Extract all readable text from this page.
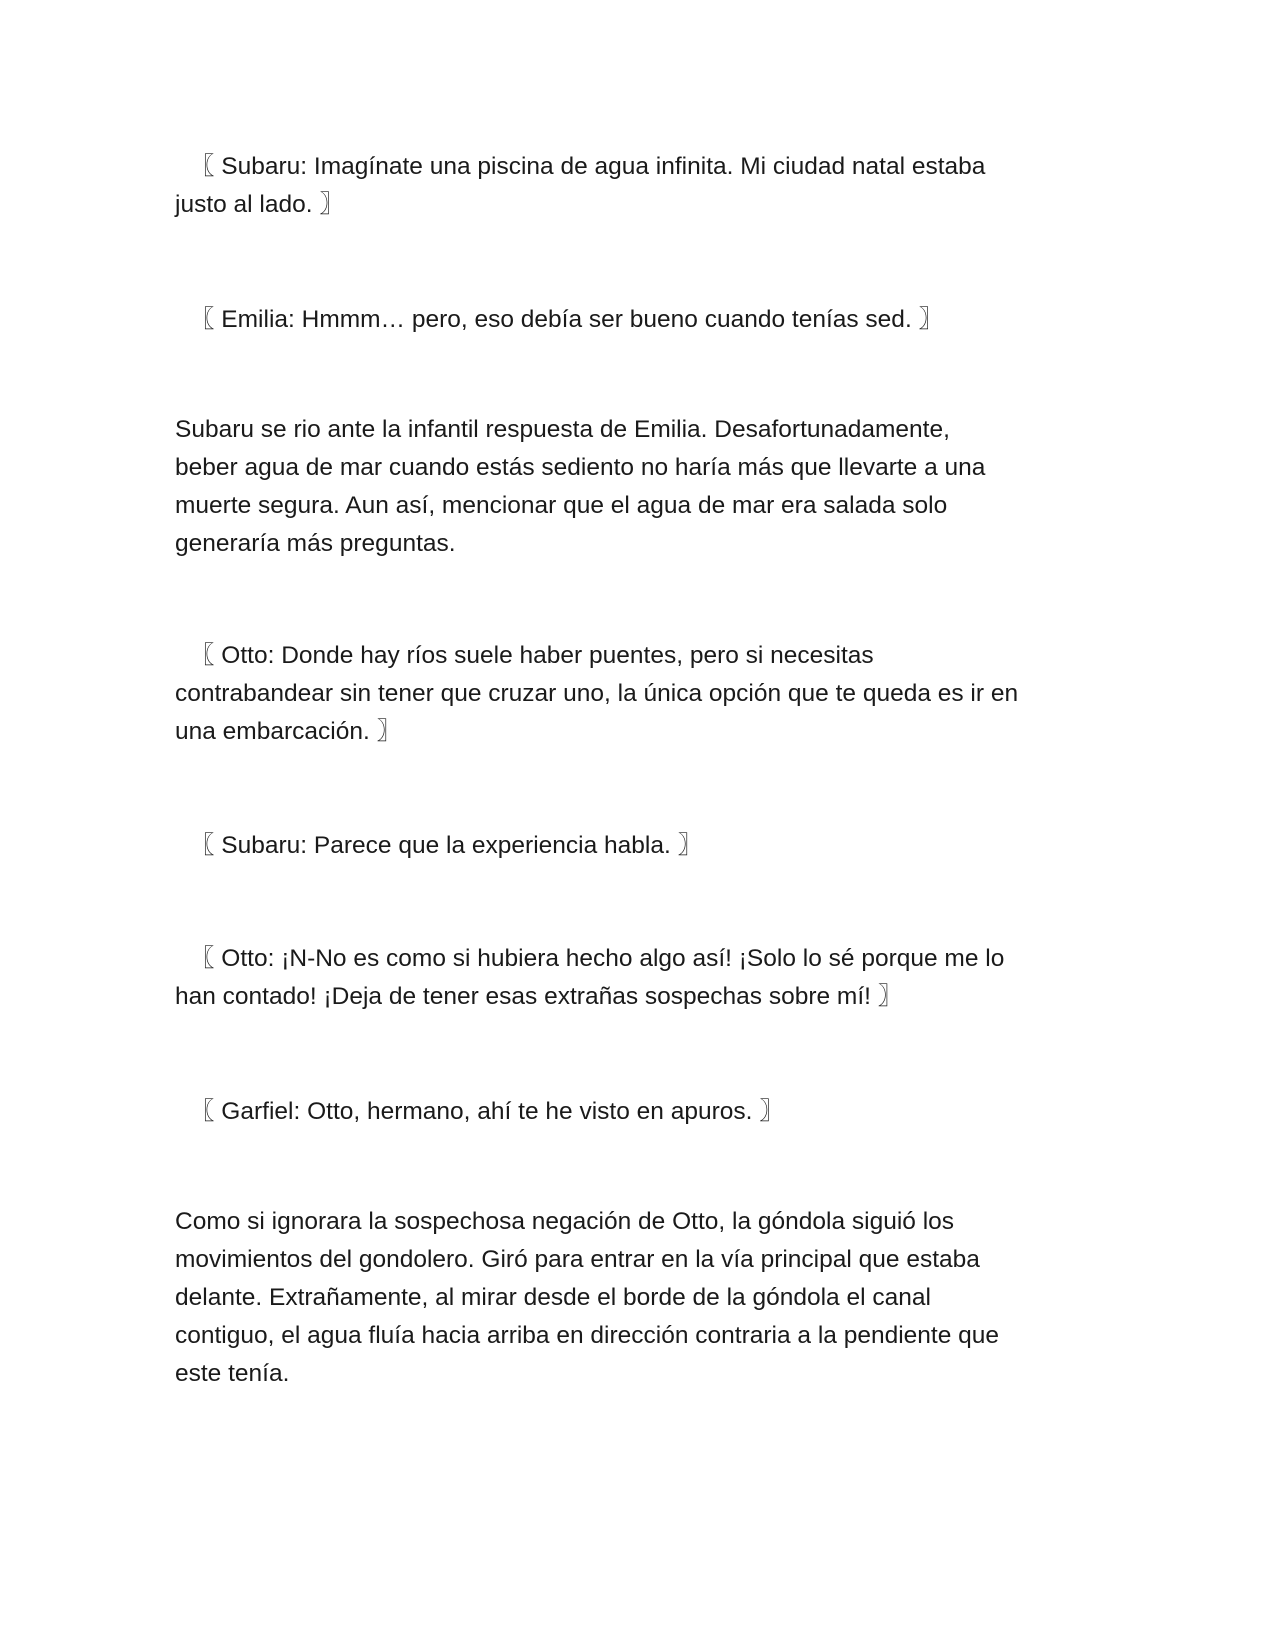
〖 Subaru: Imagínate una piscina de agua infinita. Mi ciudad natal estaba
justo al lado. 〗

〖 Emilia: Hmmm… pero, eso debía ser bueno cuando tenías sed. 〗

Subaru se rio ante la infantil respuesta de Emilia. Desafortunadamente,
beber agua de mar cuando estás sediento no haría más que llevarte a una
muerte segura. Aun así, mencionar que el agua de mar era salada solo
generaría más preguntas.

〖 Otto: Donde hay ríos suele haber puentes, pero si necesitas
contrabandear sin tener que cruzar uno, la única opción que te queda es ir en
una embarcación. 〗

〖 Subaru: Parece que la experiencia habla. 〗

〖 Otto: ¡N-No es como si hubiera hecho algo así! ¡Solo lo sé porque me lo
han contado! ¡Deja de tener esas extrañas sospechas sobre mí! 〗

〖 Garfiel: Otto, hermano, ahí te he visto en apuros. 〗

Como si ignorara la sospechosa negación de Otto, la góndola siguió los
movimientos del gondolero. Giró para entrar en la vía principal que estaba
delante. Extrañamente, al mirar desde el borde de la góndola el canal
contiguo, el agua fluía hacia arriba en dirección contraria a la pendiente que
este tenía.
